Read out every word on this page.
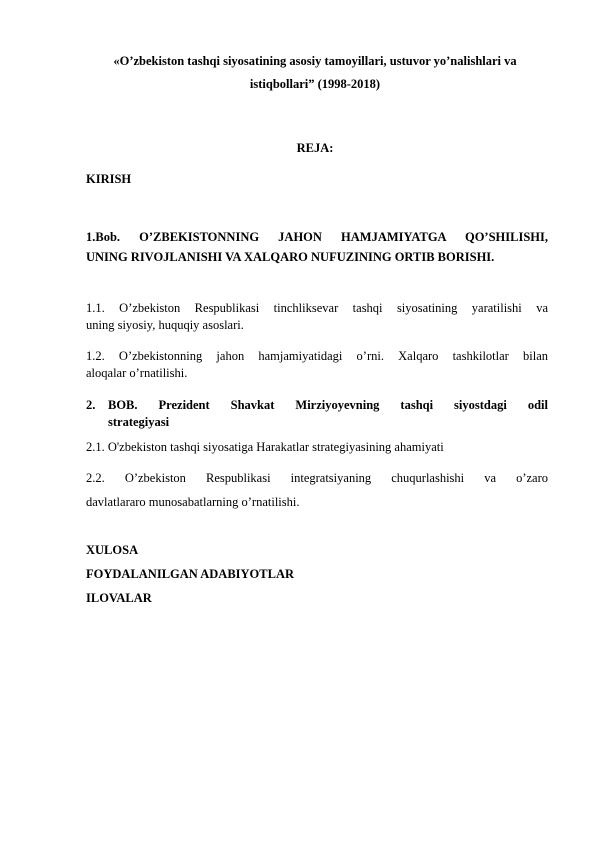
«O’zbekiston tashqi siyosatining asosiy tamoyillari, ustuvor yo’nalishlari va
istiqbollari” (1998-2018)
REJA:
KIRISH
1.Bob. O’ZBEKISTONNING JAHON HAMJAMIYATGA QO’SHILISHI,
UNING RIVOJLANISHI VA XALQARO NUFUZINING ORTIB BORISHI.
1.1. O’zbekiston Respublikasi tinchliksevar tashqi siyosatining yaratilishi va
uning siyosiy, huquqiy asoslari.
1.2. O’zbekistonning jahon hamjamiyatidagi o’rni. Xalqaro tashkilotlar bilan
aloqalar o’rnatilishi.
2. BOB. Prezident Shavkat Mirziyoyevning tashqi siyostdagi odil
strategiyasi
2.1. O'zbekiston tashqi siyosatiga Harakatlar strategiyasining ahamiyati
2.2. O’zbekiston Respublikasi integratsiyaning chuqurlashishi va o’zaro
davlatlararo munosabatlarning o’rnatilishi.
XULOSA
FOYDALANILGAN ADABIYOTLAR
ILOVALAR
